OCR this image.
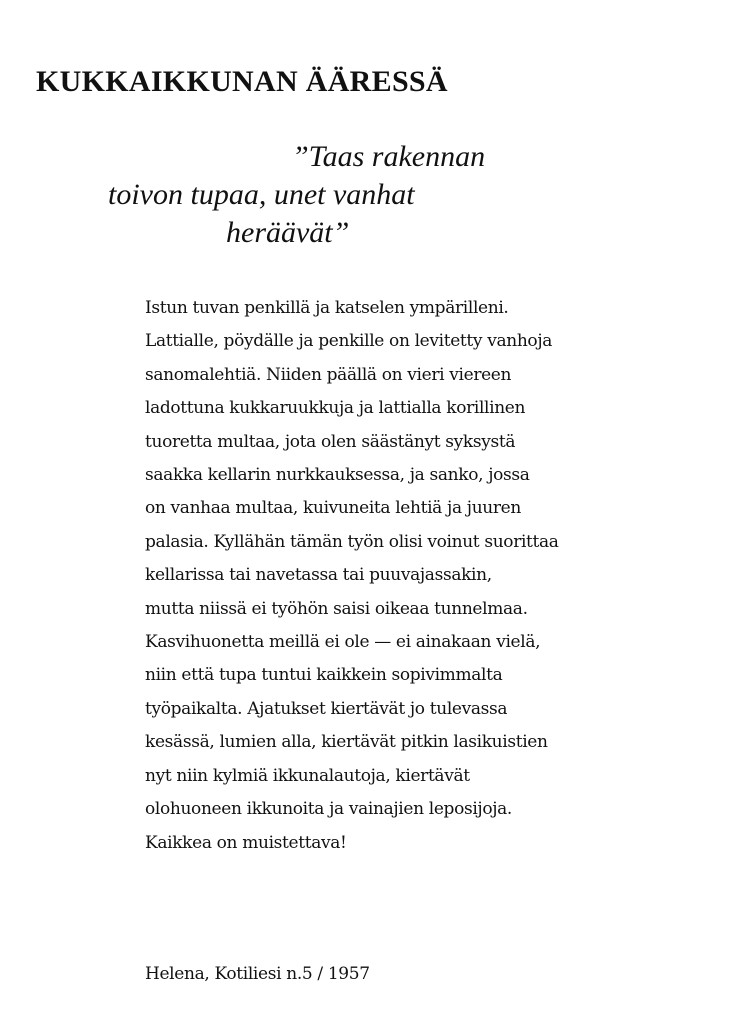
KUKKAIKKUNAN ÄÄRESSÄ
”Taas rakennan
toivon tupaa, unet vanhat
heräävät”
Istun tuvan penkillä ja katselen ympärilleni.
Lattialle, pöydälle ja penkille on levitetty vanhoja
sanomalehtiä. Niiden päällä on vieri viereen
ladottuna kukkaruukkuja ja lattialla korillinen
tuoretta multaa, jota olen säästänyt syksystä
saakka kellarin nurkkauksessa, ja sanko, jossa
on vanhaa multaa, kuivuneita lehtiä ja juuren
palasia. Kyllähän tämän työn olisi voinut suorittaa
kellarissa tai navetassa tai puuvajassakin,
mutta niissä ei työhön saisi oikeaa tunnelmaa.
Kasvihuonetta meillä ei ole — ei ainakaan vielä,
niin että tupa tuntui kaikkein sopivimmalta
työpaikalta. Ajatukset kiertävät jo tulevassa
kesässä, lumien alla, kiertävät pitkin lasikuistien
nyt niin kylmiä ikkunalautoja, kiertävät
olohuoneen ikkunoita ja vainajien leposijoja.
Kaikkea on muistettava!
Helena, Kotiliesi n.5 / 1957
